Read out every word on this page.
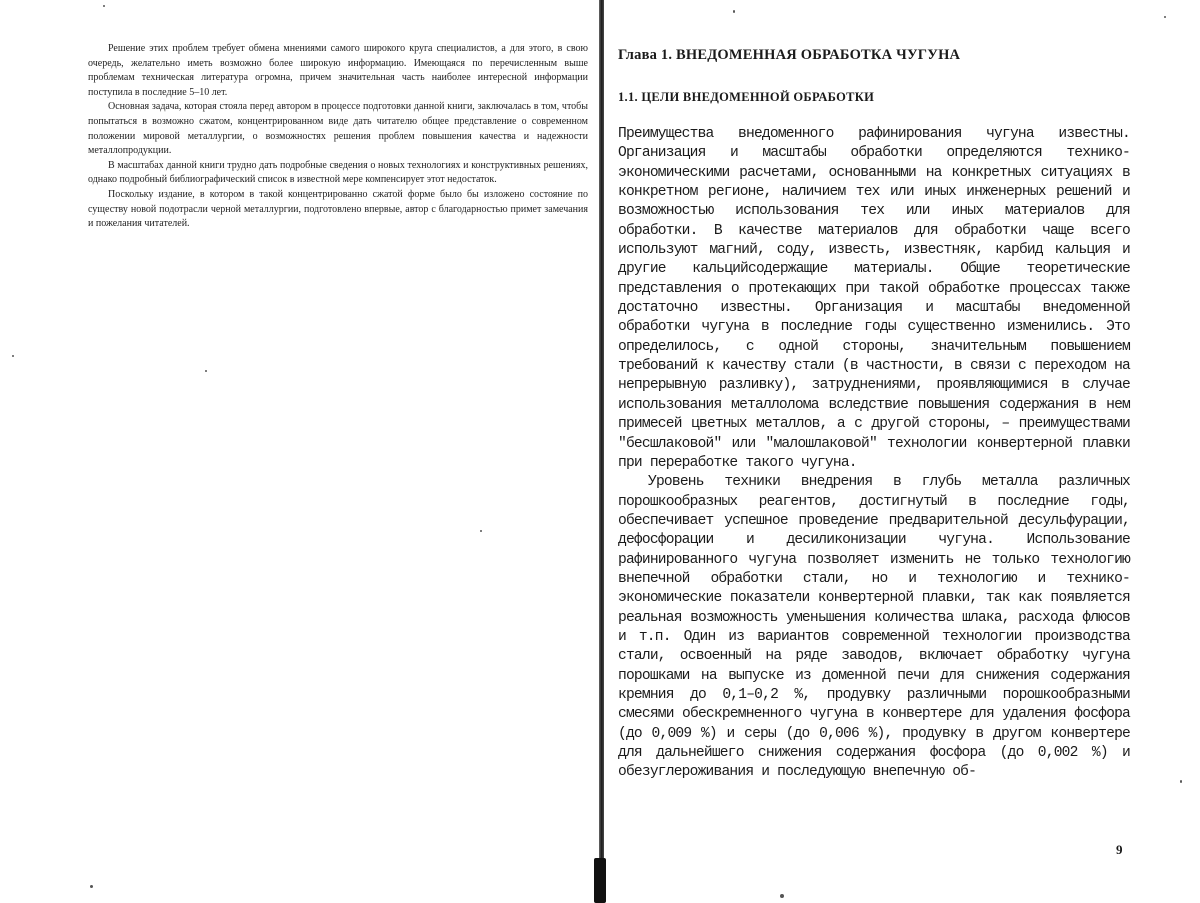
Решение этих проблем требует обмена мнениями самого широкого круга специалистов, а для этого, в свою очередь, желательно иметь возможно более широкую информацию. Имеющаяся по перечисленным выше проблемам техническая литература огромна, причем значительная часть наиболее интересной информации поступила в последние 5–10 лет.

Основная задача, которая стояла перед автором в процессе подготовки данной книги, заключалась в том, чтобы попытаться в возможно сжатом, концентрированном виде дать читателю общее представление о современном положении мировой металлургии, о возможностях решения проблем повышения качества и надежности металлопродукции.

В масштабах данной книги трудно дать подробные сведения о новых технологиях и конструктивных решениях, однако подробный библиографический список в известной мере компенсирует этот недостаток.

Поскольку издание, в котором в такой концентрированно сжатой форме было бы изложено состояние по существу новой подотрасли черной металлургии, подготовлено впервые, автор с благодарностью примет замечания и пожелания читателей.

Глава 1. ВНЕДОМЕННАЯ ОБРАБОТКА ЧУГУНА
1.1. ЦЕЛИ ВНЕДОМЕННОЙ ОБРАБОТКИ

Преимущества внедоменного рафинирования чугуна известны. Организация и масштабы обработки определяются технико-экономическими расчетами, основанными на конкретных ситуациях в конкретном регионе, наличием тех или иных инженерных решений и возможностью использования тех или иных материалов для обработки. В качестве материалов для обработки чаще всего используют магний, соду, известь, известняк, карбид кальция и другие кальцийсодержащие материалы. Общие теоретические представления о протекающих при такой обработке процессах также достаточно известны. Организация и масштабы внедоменной обработки чугуна в последние годы существенно изменились. Это определилось, с одной стороны, значительным повышением требований к качеству стали (в частности, в связи с переходом на непрерывную разливку), затруднениями, проявляющимися в случае использования металлолома вследствие повышения содержания в нем примесей цветных металлов, а с другой стороны, – преимуществами "бесшлаковой" или "малошлаковой" технологии конвертерной плавки при переработке такого чугуна.

Уровень техники внедрения в глубь металла различных порошкообразных реагентов, достигнутый в последние годы, обеспечивает успешное проведение предварительной десульфурации, дефосфорации и десиликонизации чугуна. Использование рафинированного чугуна позволяет изменить не только технологию внепечной обработки стали, но и технологию и технико-экономические показатели конвертерной плавки, так как появляется реальная возможность уменьшения количества шлака, расхода флюсов и т.п. Один из вариантов современной технологии производства стали, освоенный на ряде заводов, включает обработку чугуна порошками на выпуске из доменной печи для снижения содержания кремния до 0,1–0,2 %, продувку различными порошкообразными смесями обескремненного чугуна в конвертере для удаления фосфора (до 0,009 %) и серы (до 0,006 %), продувку в другом конвертере для дальнейшего снижения содержания фосфора (до 0,002 %) и обезуглероживания и последующую внепечную об-

9
